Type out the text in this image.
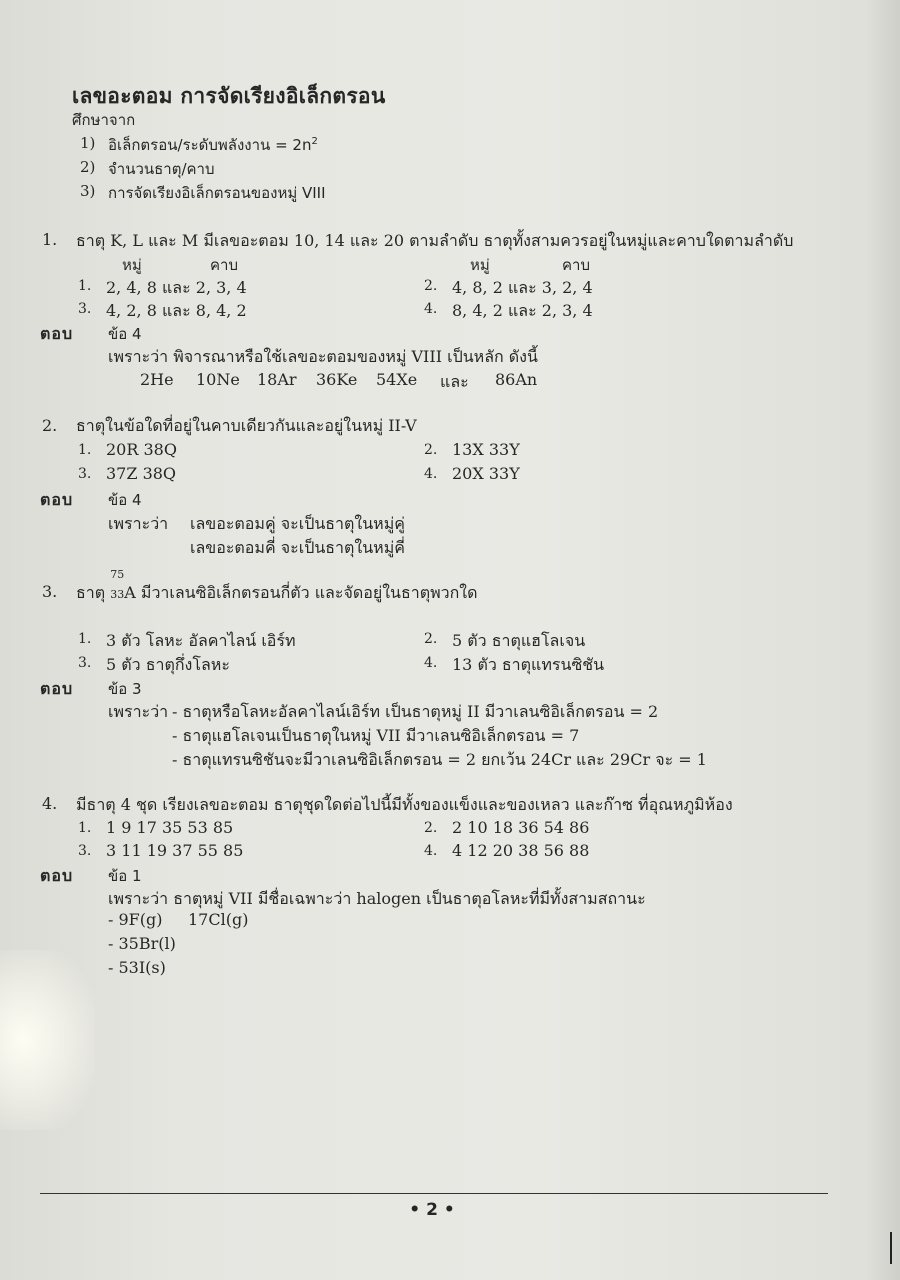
เลขอะตอม การจัดเรียงอิเล็กตรอน
ศึกษาจาก
1) อิเล็กตรอน/ระดับพลังงาน = $2n^2$
2) จำนวนธาตุ/คาบ
3) การจัดเรียงอิเล็กตรอนของหมู่ VIII
1. ธาตุ K, L และ M มีเลขอะตอม 10, 14 และ 20 ตามลำดับ ธาตุทั้งสามควรอยู่ในหมู่และคาบใดตามลำดับ
หมู่	คาบ	หมู่	คาบ
1. 2, 4, 8 และ 2, 3, 4	2. 4, 8, 2 และ 3, 2, 4
3. 4, 2, 8 และ 8, 4, 2	4. 8, 4, 2 และ 2, 3, 4
ตอบ ข้อ 4
เพราะว่า พิจารณาหรือใช้เลขอะตอมของหมู่ VIII เป็นหลัก ดังนี้
2He 10Ne 18Ar 36Ke 54Xe และ 86An
2. ธาตุในข้อใดที่อยู่ในคาบเดียวกันและอยู่ในหมู่ II-V
1. 20R 38Q	2. 13X 33Y
3. 37Z 38Q	4. 20X 33Y
ตอบ ข้อ 4
เพราะว่า เลขอะตอมคู่ จะเป็นธาตุในหมู่คู่
เลขอะตอมคี่ จะเป็นธาตุในหมู่คี่
3. ธาตุ
75
33 A มีวาเลนซิอิเล็กตรอนกี่ตัว และจัดอยู่ในธาตุพวกใด
1. 3 ตัว โลหะ อัลคาไลน์ เอิร์ท	2. 5 ตัว ธาตุแฮโลเจน
3. 5 ตัว ธาตุกึ่งโลหะ	4. 13 ตัว ธาตุแทรนซิชัน
ตอบ ข้อ 3
เพราะว่า - ธาตุหรือโลหะอัลคาไลน์เอิร์ท เป็นธาตุหมู่ II มีวาเลนซิอิเล็กตรอน = 2
- ธาตุแฮโลเจนเป็นธาตุในหมู่ VII มีวาเลนซิอิเล็กตรอน = 7
- ธาตุแทรนซิชันจะมีวาเลนซิอิเล็กตรอน = 2 ยกเว้น 24Cr และ 29Cr จะ = 1
4. มีธาตุ 4 ชุด เรียงเลขอะตอม ธาตุชุดใดต่อไปนี้มีทั้งของแข็งและของเหลว และก๊าซ ที่อุณหภูมิห้อง
1. 1 9 17 35 53 85	2. 2 10 18 36 54 86
3. 3 11 19 37 55 85	4. 4 12 20 38 56 88
ตอบ ข้อ 1
เพราะว่า ธาตุหมู่ VII มีชื่อเฉพาะว่า halogen เป็นธาตุอโลหะที่มีทั้งสามสถานะ
- 9F(g) 17Cl(g)
- 35Br(l)
- 53I(s)
• 2 •
